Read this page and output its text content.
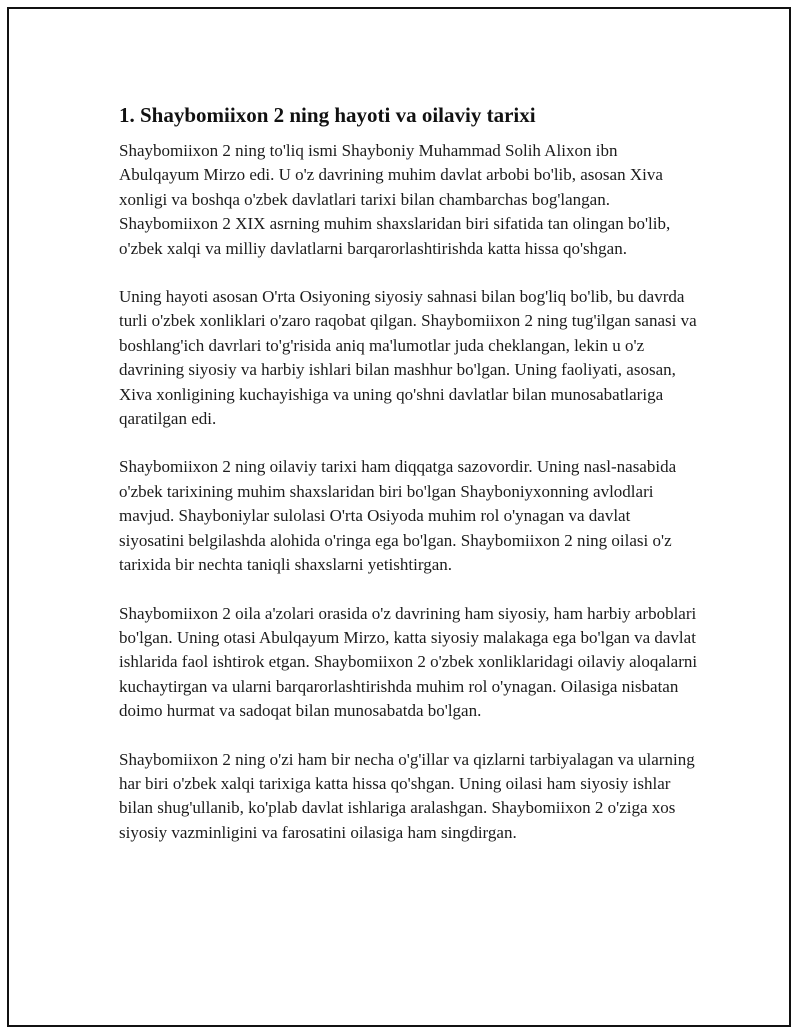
1. Shaybomiixon 2 ning hayoti va oilaviy tarixi

Shaybomiixon 2 ning to'liq ismi Shayboniy Muhammad Solih Alixon ibn Abulqayum Mirzo edi. U o'z davrining muhim davlat arbobi bo'lib, asosan Xiva xonligi va boshqa o'zbek davlatlari tarixi bilan chambarchas bog'langan. Shaybomiixon 2 XIX asrning muhim shaxslaridan biri sifatida tan olingan bo'lib, o'zbek xalqi va milliy davlatlarni barqarorlashtirishda katta hissa qo'shgan.

Uning hayoti asosan O'rta Osiyoning siyosiy sahnasi bilan bog'liq bo'lib, bu davrda turli o'zbek xonliklari o'zaro raqobat qilgan. Shaybomiixon 2 ning tug'ilgan sanasi va boshlang'ich davrlari to'g'risida aniq ma'lumotlar juda cheklangan, lekin u o'z davrining siyosiy va harbiy ishlari bilan mashhur bo'lgan. Uning faoliyati, asosan, Xiva xonligining kuchayishiga va uning qo'shni davlatlar bilan munosabatlariga qaratilgan edi.

Shaybomiixon 2 ning oilaviy tarixi ham diqqatga sazovordir. Uning nasl-nasabida o'zbek tarixining muhim shaxslaridan biri bo'lgan Shayboniyxonning avlodlari mavjud. Shayboniylar sulolasi O'rta Osiyoda muhim rol o'ynagan va davlat siyosatini belgilashda alohida o'ringa ega bo'lgan. Shaybomiixon 2 ning oilasi o'z tarixida bir nechta taniqli shaxslarni yetishtirgan.

Shaybomiixon 2 oila a'zolari orasida o'z davrining ham siyosiy, ham harbiy arboblari bo'lgan. Uning otasi Abulqayum Mirzo, katta siyosiy malakaga ega bo'lgan va davlat ishlarida faol ishtirok etgan. Shaybomiixon 2 o'zbek xonliklaridagi oilaviy aloqalarni kuchaytirgan va ularni barqarorlashtirishda muhim rol o'ynagan. Oilasiga nisbatan doimo hurmat va sadoqat bilan munosabatda bo'lgan.

Shaybomiixon 2 ning o'zi ham bir necha o'g'illar va qizlarni tarbiyalagan va ularning har biri o'zbek xalqi tarixiga katta hissa qo'shgan. Uning oilasi ham siyosiy ishlar bilan shug'ullanib, ko'plab davlat ishlariga aralashgan. Shaybomiixon 2 o'ziga xos siyosiy vazminligini va farosatini oilasiga ham singdirgan.
